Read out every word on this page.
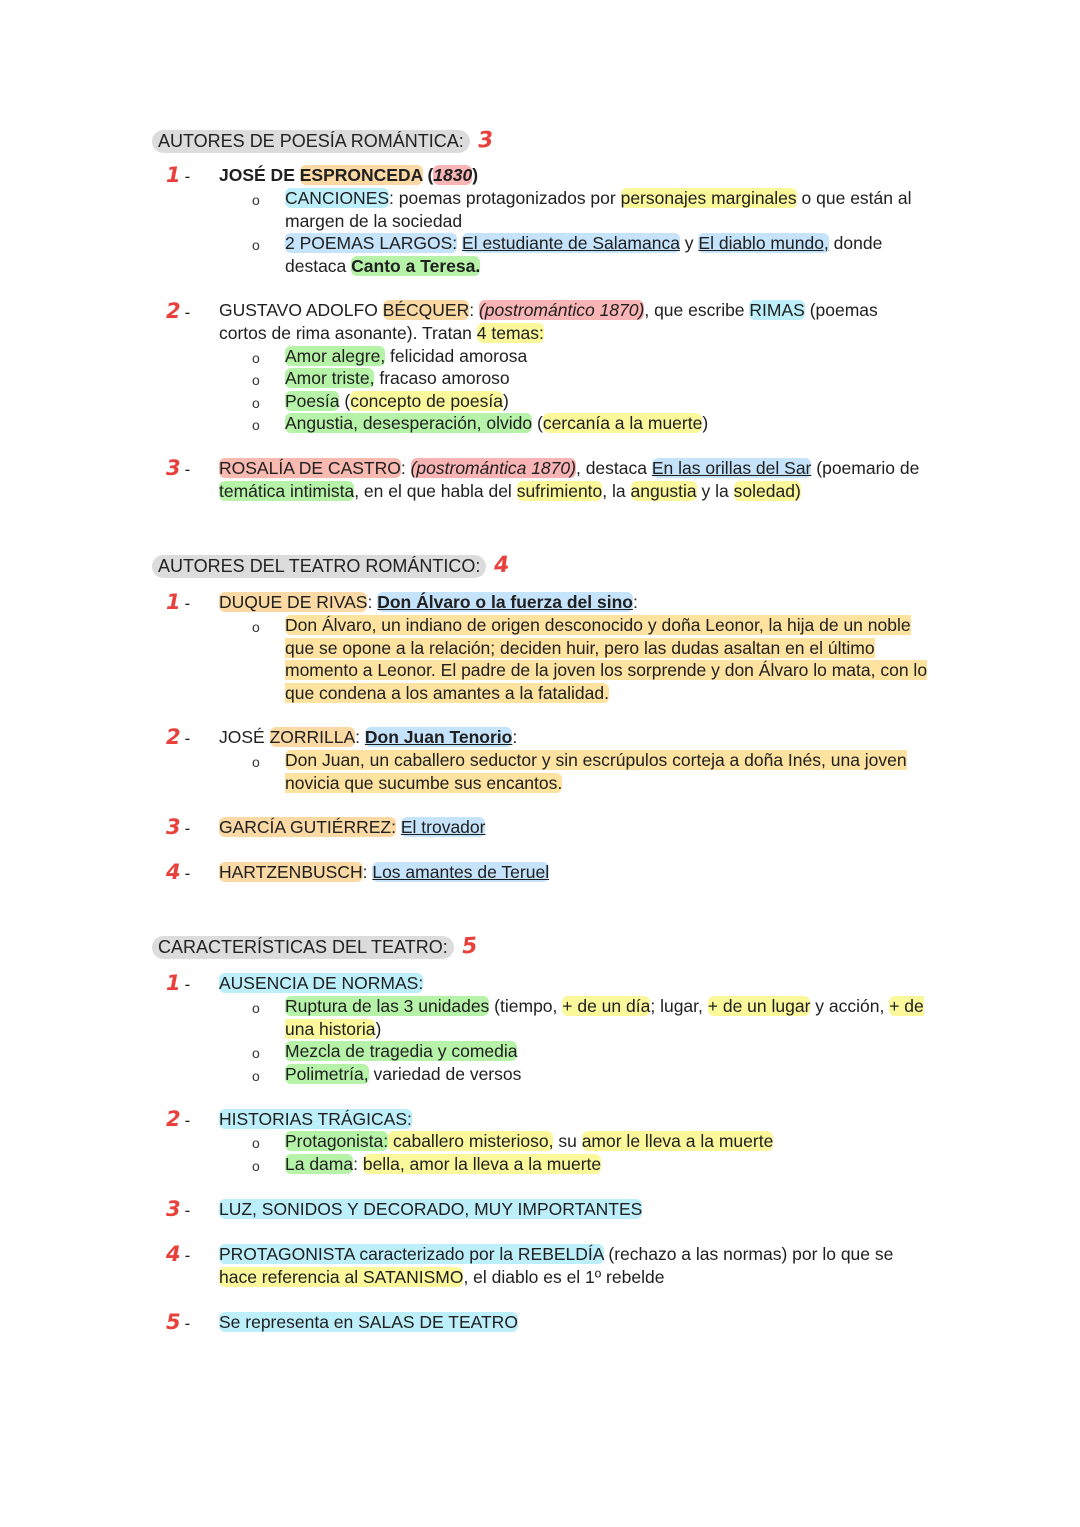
AUTORES DE POESÍA ROMÁNTICA: 3
1 -	JOSÉ DE ESPRONCEDA (1830)
o CANCIONES: poemas protagonizados por personajes marginales o que están al margen de la sociedad
o 2 POEMAS LARGOS: El estudiante de Salamanca y El diablo mundo, donde destaca Canto a Teresa.
2 -	GUSTAVO ADOLFO BÉCQUER: (postromántico 1870), que escribe RIMAS (poemas cortos de rima asonante). Tratan 4 temas:
o Amor alegre, felicidad amorosa
o Amor triste, fracaso amoroso
o Poesía (concepto de poesía)
o Angustia, desesperación, olvido (cercanía a la muerte)
3 -	ROSALÍA DE CASTRO: (postromántica 1870), destaca En las orillas del Sar (poemario de temática intimista, en el que habla del sufrimiento, la angustia y la soledad)
AUTORES DEL TEATRO ROMÁNTICO: 4
1 -	DUQUE DE RIVAS: Don Álvaro o la fuerza del sino:
o Don Álvaro, un indiano de origen desconocido y doña Leonor, la hija de un noble que se opone a la relación; deciden huir, pero las dudas asaltan en el último momento a Leonor. El padre de la joven los sorprende y don Álvaro lo mata, con lo que condena a los amantes a la fatalidad.
2 -	JOSÉ ZORRILLA: Don Juan Tenorio:
o Don Juan, un caballero seductor y sin escrúpulos corteja a doña Inés, una joven novicia que sucumbe sus encantos.
3 -	GARCÍA GUTIÉRREZ: El trovador
4 -	HARTZENBUSCH: Los amantes de Teruel
CARACTERÍSTICAS DEL TEATRO: 5
1 -	AUSENCIA DE NORMAS:
o Ruptura de las 3 unidades (tiempo, + de un día; lugar, + de un lugar y acción, + de una historia)
o Mezcla de tragedia y comedia
o Polimetría, variedad de versos
2 -	HISTORIAS TRÁGICAS:
o Protagonista: caballero misterioso, su amor le lleva a la muerte
o La dama: bella, amor la lleva a la muerte
3 -	LUZ, SONIDOS Y DECORADO, MUY IMPORTANTES
4 -	PROTAGONISTA caracterizado por la REBELDÍA (rechazo a las normas) por lo que se hace referencia al SATANISMO, el diablo es el 1º rebelde
5 -	Se representa en SALAS DE TEATRO
